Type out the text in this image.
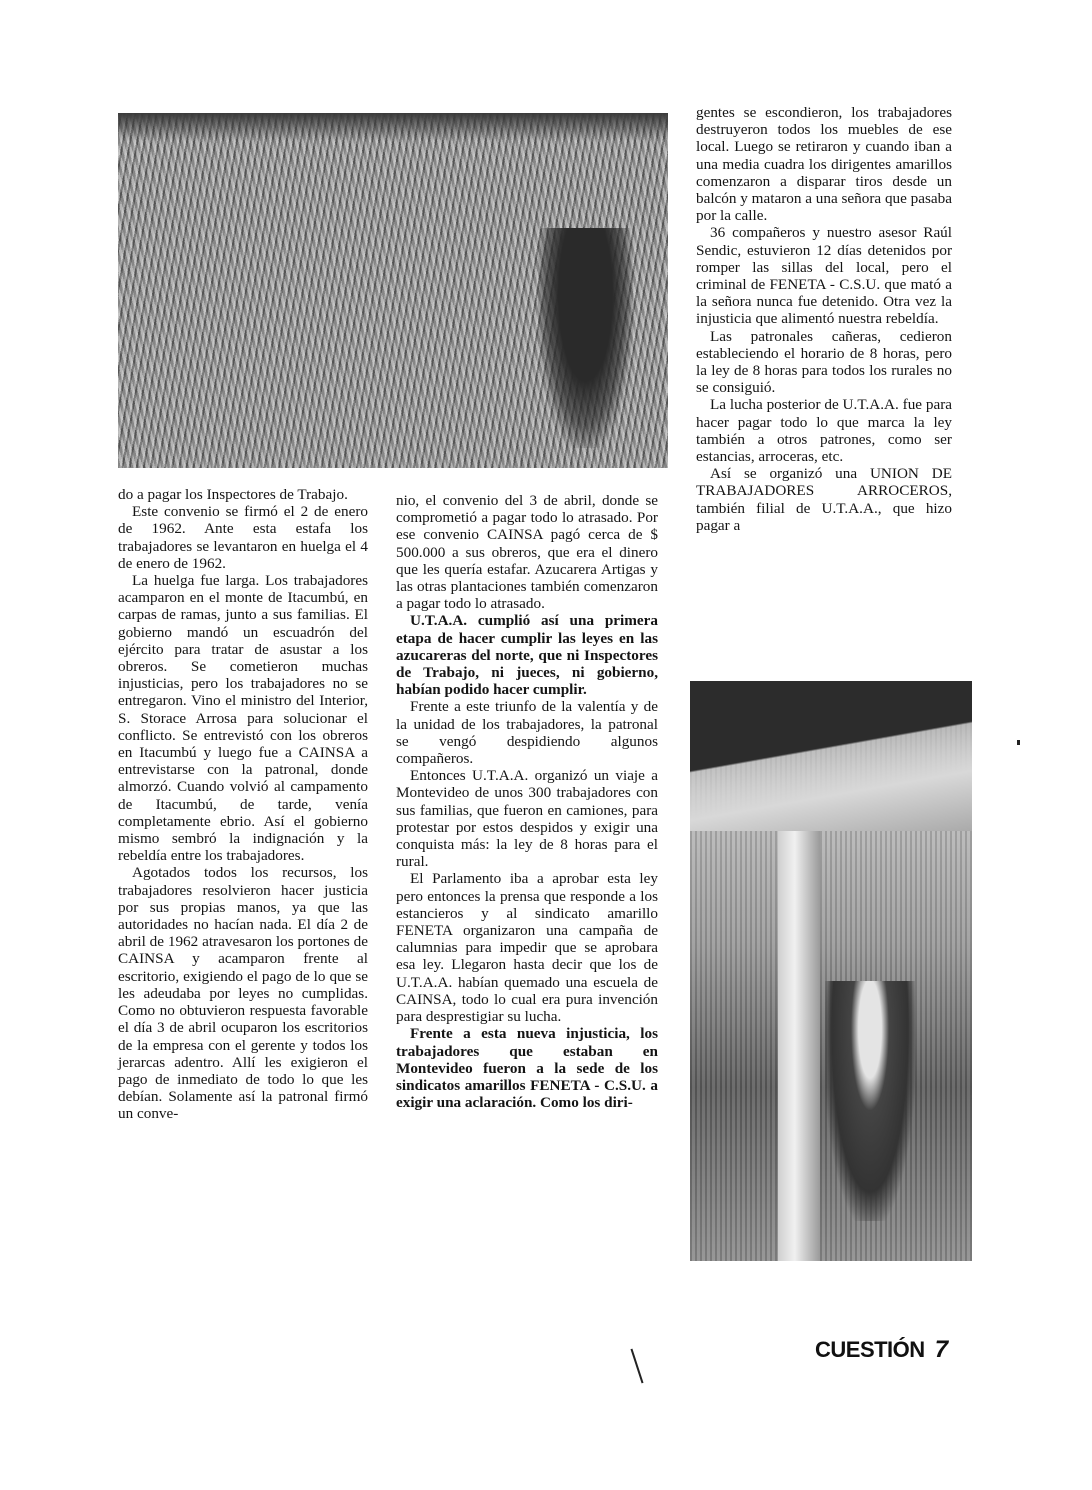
do a pagar los Inspectores de Trabajo.

Este convenio se firmó el 2 de enero de 1962. Ante esta estafa los trabajadores se levantaron en huelga el 4 de enero de 1962.

La huelga fue larga. Los trabajadores acamparon en el monte de Itacumbú, en carpas de ramas, junto a sus familias. El gobierno mandó un escuadrón del ejército para tratar de asustar a los obreros. Se cometieron muchas injusticias, pero los trabajadores no se entregaron. Vino el ministro del Interior, S. Storace Arrosa para solucionar el conflicto. Se entrevistó con los obreros en Itacumbú y luego fue a CAINSA a entrevistarse con la patronal, donde almorzó. Cuando volvió al campamento de Itacumbú, de tarde, venía completamente ebrio. Así el gobierno mismo sembró la indignación y la rebeldía entre los trabajadores.

Agotados todos los recursos, los trabajadores resolvieron hacer justicia por sus propias manos, ya que las autoridades no hacían nada. El día 2 de abril de 1962 atravesaron los portones de CAINSA y acamparon frente al escritorio, exigiendo el pago de lo que se les adeudaba por leyes no cumplidas. Como no obtuvieron respuesta favorable el día 3 de abril ocuparon los escritorios de la empresa con el gerente y todos los jerarcas adentro. Allí les exigieron el pago de inmediato de todo lo que les debían. Solamente así la patronal firmó un conve-

nio, el convenio del 3 de abril, donde se comprometió a pagar todo lo atrasado. Por ese convenio CAINSA pagó cerca de $ 500.000 a sus obreros, que era el dinero que les quería estafar. Azucarera Artigas y las otras plantaciones también comenzaron a pagar todo lo atrasado.

U.T.A.A. cumplió así una primera etapa de hacer cumplir las leyes en las azucareras del norte, que ni Inspectores de Trabajo, ni jueces, ni gobierno, habían podido hacer cumplir.

Frente a este triunfo de la valentía y de la unidad de los trabajadores, la patronal se vengó despidiendo algunos compañeros.

Entonces U.T.A.A. organizó un viaje a Montevideo de unos 300 trabajadores con sus familias, que fueron en camiones, para protestar por estos despidos y exigir una conquista más: la ley de 8 horas para el rural.

El Parlamento iba a aprobar esta ley pero entonces la prensa que responde a los estancieros y al sindicato amarillo FENETA organizaron una campaña de calumnias para impedir que se aprobara esa ley. Llegaron hasta decir que los de U.T.A.A. habían quemado una escuela de CAINSA, todo lo cual era pura invención para desprestigiar su lucha.

Frente a esta nueva injusticia, los trabajadores que estaban en Montevideo fueron a la sede de los sindicatos amarillos FENETA - C.S.U. a exigir una aclaración. Como los diri-

gentes se escondieron, los trabajadores destruyeron todos los muebles de ese local. Luego se retiraron y cuando iban a una media cuadra los dirigentes amarillos comenzaron a disparar tiros desde un balcón y mataron a una señora que pasaba por la calle.

36 compañeros y nuestro asesor Raúl Sendic, estuvieron 12 días detenidos por romper las sillas del local, pero el criminal de FENETA - C.S.U. que mató a la señora nunca fue detenido. Otra vez la injusticia que alimentó nuestra rebeldía.

Las patronales cañeras, cedieron estableciendo el horario de 8 horas, pero la ley de 8 horas para todos los rurales no se consiguió.

La lucha posterior de U.T.A.A. fue para hacer pagar todo lo que marca la ley también a otros patrones, como ser estancias, arroceras, etc.

Así se organizó una UNION DE TRABAJADORES ARROCEROS, también filial de U.T.A.A., que hizo pagar a

CUESTIÓN 7
